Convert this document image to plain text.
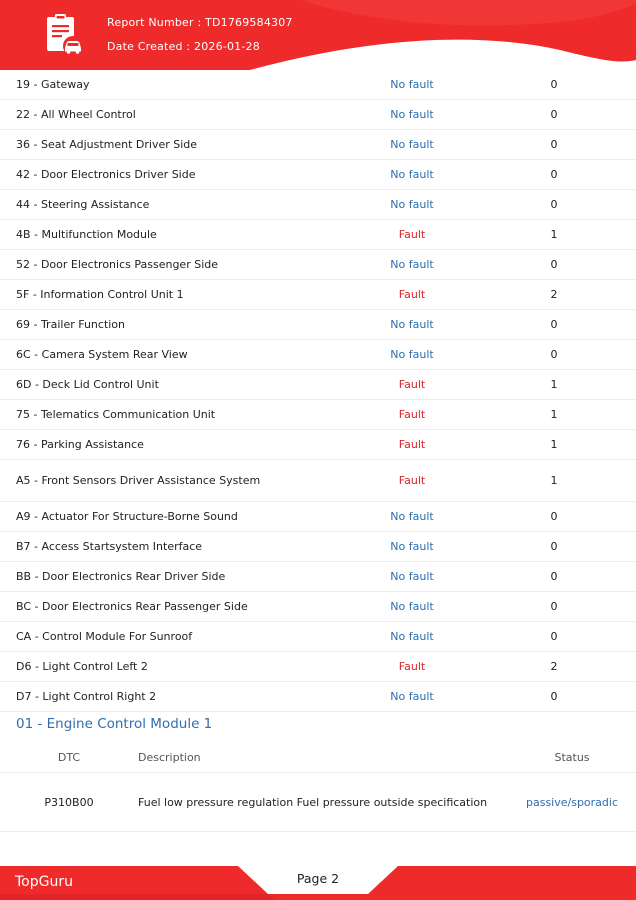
Report Number : TD1769584307
Date Created : 2026-01-28
19 - Gateway	No fault	0
22 - All Wheel Control	No fault	0
36 - Seat Adjustment Driver Side	No fault	0
42 - Door Electronics Driver Side	No fault	0
44 - Steering Assistance	No fault	0
4B - Multifunction Module	Fault	1
52 - Door Electronics Passenger Side	No fault	0
5F - Information Control Unit 1	Fault	2
69 - Trailer Function	No fault	0
6C - Camera System Rear View	No fault	0
6D - Deck Lid Control Unit	Fault	1
75 - Telematics Communication Unit	Fault	1
76 - Parking Assistance	Fault	1
A5 - Front Sensors Driver Assistance System	Fault	1
A9 - Actuator For Structure-Borne Sound	No fault	0
B7 - Access Startsystem Interface	No fault	0
BB - Door Electronics Rear Driver Side	No fault	0
BC - Door Electronics Rear Passenger Side	No fault	0
CA - Control Module For Sunroof	No fault	0
D6 - Light Control Left 2	Fault	2
D7 - Light Control Right 2	No fault	0
01 - Engine Control Module 1
DTC	Description	Status
P310B00	Fuel low pressure regulation Fuel pressure outside specification	passive/sporadic
TopGuru	Page 2
